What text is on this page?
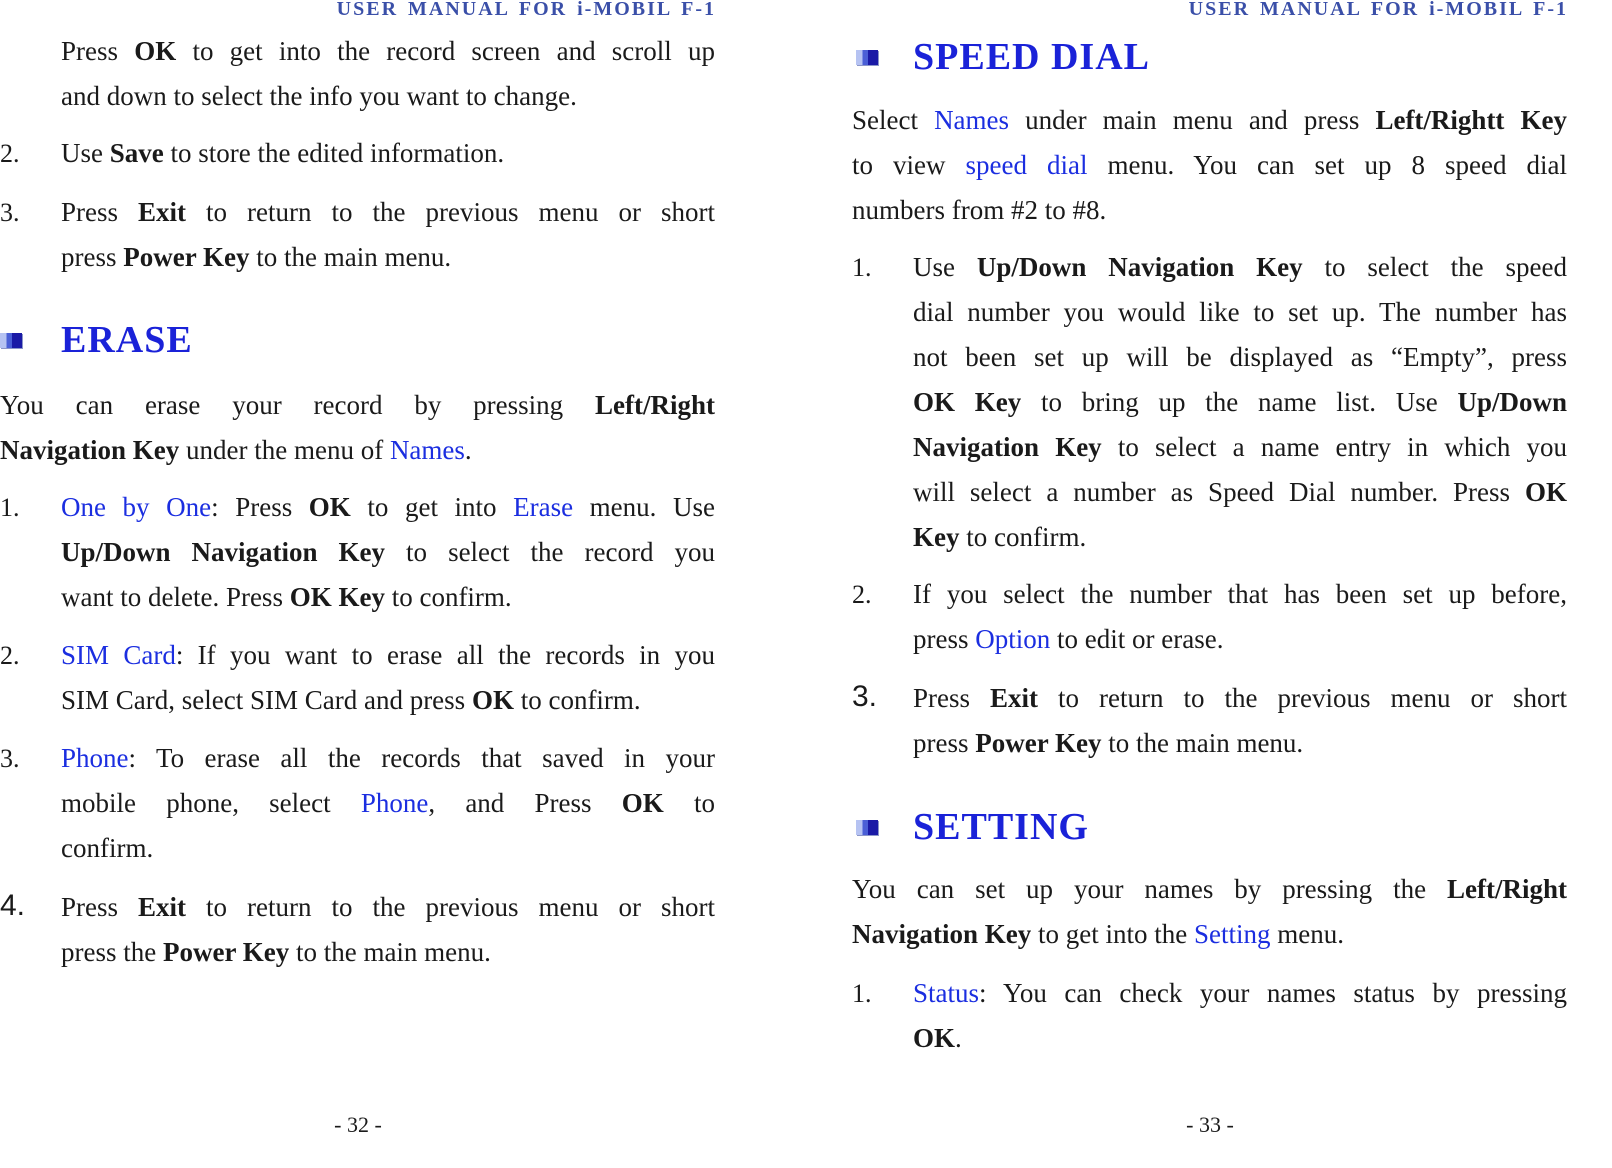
USER MANUAL FOR i-MOBIL F-1
Press OK to get into the record screen and scroll up
and down to select the info you want to change.
2. Use Save to store the edited information.
3. Press Exit to return to the previous menu or short
press Power Key to the main menu.
ERASE
You can erase your record by pressing Left/Right
Navigation Key under the menu of Names.
1. One by One: Press OK to get into Erase menu. Use
Up/Down Navigation Key to select the record you
want to delete. Press OK Key to confirm.
2. SIM Card: If you want to erase all the records in you
SIM Card, select SIM Card and press OK to confirm.
3. Phone: To erase all the records that saved in your
mobile phone, select Phone, and Press OK to
confirm.
4. Press Exit to return to the previous menu or short
press the Power Key to the main menu.
- 32 -
USER MANUAL FOR i-MOBIL F-1
SPEED DIAL
Select Names under main menu and press Left/Rightt Key
to view speed dial menu. You can set up 8 speed dial
numbers from #2 to #8.
1. Use Up/Down Navigation Key to select the speed
dial number you would like to set up. The number has
not been set up will be displayed as “Empty”, press
OK Key to bring up the name list. Use Up/Down
Navigation Key to select a name entry in which you
will select a number as Speed Dial number. Press OK
Key to confirm.
2. If you select the number that has been set up before,
press Option to edit or erase.
3. Press Exit to return to the previous menu or short
press Power Key to the main menu.
SETTING
You can set up your names by pressing the Left/Right
Navigation Key to get into the Setting menu.
1. Status: You can check your names status by pressing
OK.
- 33 -
